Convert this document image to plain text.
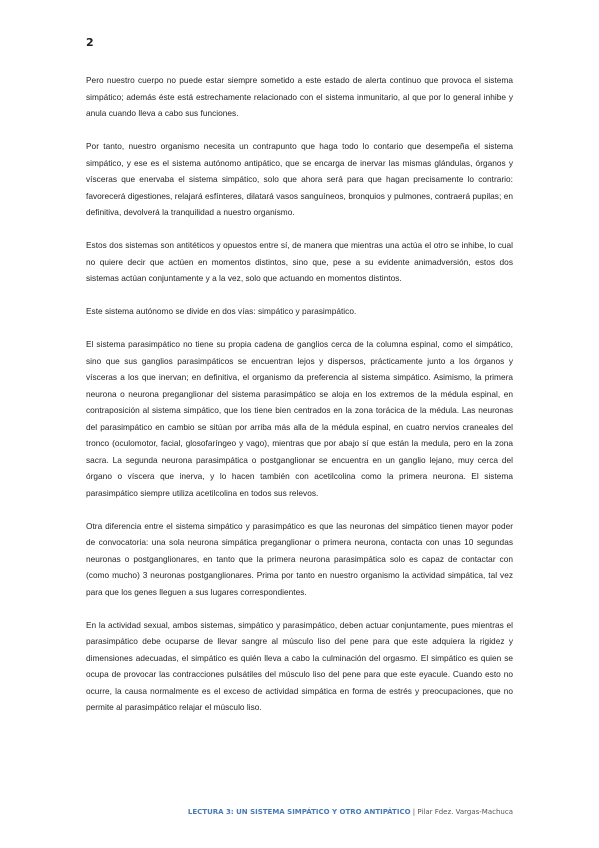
2

Pero nuestro cuerpo no puede estar siempre sometido a este estado de alerta continuo que provoca el sistema simpático; además éste está estrechamente relacionado con el sistema inmunitario, al que por lo general inhibe y anula cuando lleva a cabo sus funciones.

Por tanto, nuestro organismo necesita un contrapunto que haga todo lo contario que desempeña el sistema simpático, y ese es el sistema autónomo antipático, que se encarga de inervar las mismas glándulas, órganos y vísceras que enervaba el sistema simpático, solo que ahora será para que hagan precisamente lo contrario: favorecerá digestiones, relajará esfínteres, dilatará vasos sanguíneos, bronquios y pulmones, contraerá pupilas; en definitiva, devolverá la tranquilidad a nuestro organismo.

Estos dos sistemas son antitéticos y opuestos entre sí, de manera que mientras una actúa el otro se inhibe, lo cual no quiere decir que actúen en momentos distintos, sino que, pese a su evidente animadversión, estos dos sistemas actúan conjuntamente y a la vez, solo que actuando en momentos distintos.

Este sistema autónomo se divide en dos vías: simpático y parasimpático.

El sistema parasimpático no tiene su propia cadena de ganglios cerca de la columna espinal, como el simpático, sino que sus ganglios parasimpáticos se encuentran lejos y dispersos, prácticamente junto a los órganos y vísceras a los que inervan; en definitiva, el organismo da preferencia al sistema simpático. Asimismo, la primera neurona o neurona preganglionar del sistema parasimpático se aloja en los extremos de la médula espinal, en contraposición al sistema simpático, que los tiene bien centrados en la zona torácica de la médula. Las neuronas del parasimpático en cambio se sitúan por arriba más alla de la médula espinal, en cuatro nervios craneales del tronco (oculomotor, facial, glosofaríngeo y vago), mientras que por abajo sí que están la medula, pero en la zona sacra. La segunda neurona parasimpática o postganglionar se encuentra en un ganglio lejano, muy cerca del órgano o víscera que inerva, y lo hacen también con acetilcolina como la primera neurona. El sistema parasimpático siempre utiliza acetilcolina en todos sus relevos.

Otra diferencia entre el sistema simpático y parasimpático es que las neuronas del simpático tienen mayor poder de convocatoria: una sola neurona simpática preganglionar o primera neurona, contacta con unas 10 segundas neuronas o postganglionares, en tanto que la primera neurona parasimpática solo es capaz de contactar con (como mucho) 3 neuronas postganglionares. Prima por tanto en nuestro organismo la actividad simpática, tal vez para que los genes lleguen a sus lugares correspondientes.

En la actividad sexual, ambos sistemas, simpático y parasimpático, deben actuar conjuntamente, pues mientras el parasimpático debe ocuparse de llevar sangre al músculo liso del pene para que este adquiera la rigidez y dimensiones adecuadas, el simpático es quién lleva a cabo la culminación del orgasmo. El simpático es quien se ocupa de provocar las contracciones pulsátiles del músculo liso del pene para que este eyacule. Cuando esto no ocurre, la causa normalmente es el exceso de actividad simpática en forma de estrés y preocupaciones, que no permite al parasimpático relajar el músculo liso.

LECTURA 3: UN SISTEMA SIMPÁTICO Y OTRO ANTIPÁTICO | Pilar Fdez. Vargas-Machuca
